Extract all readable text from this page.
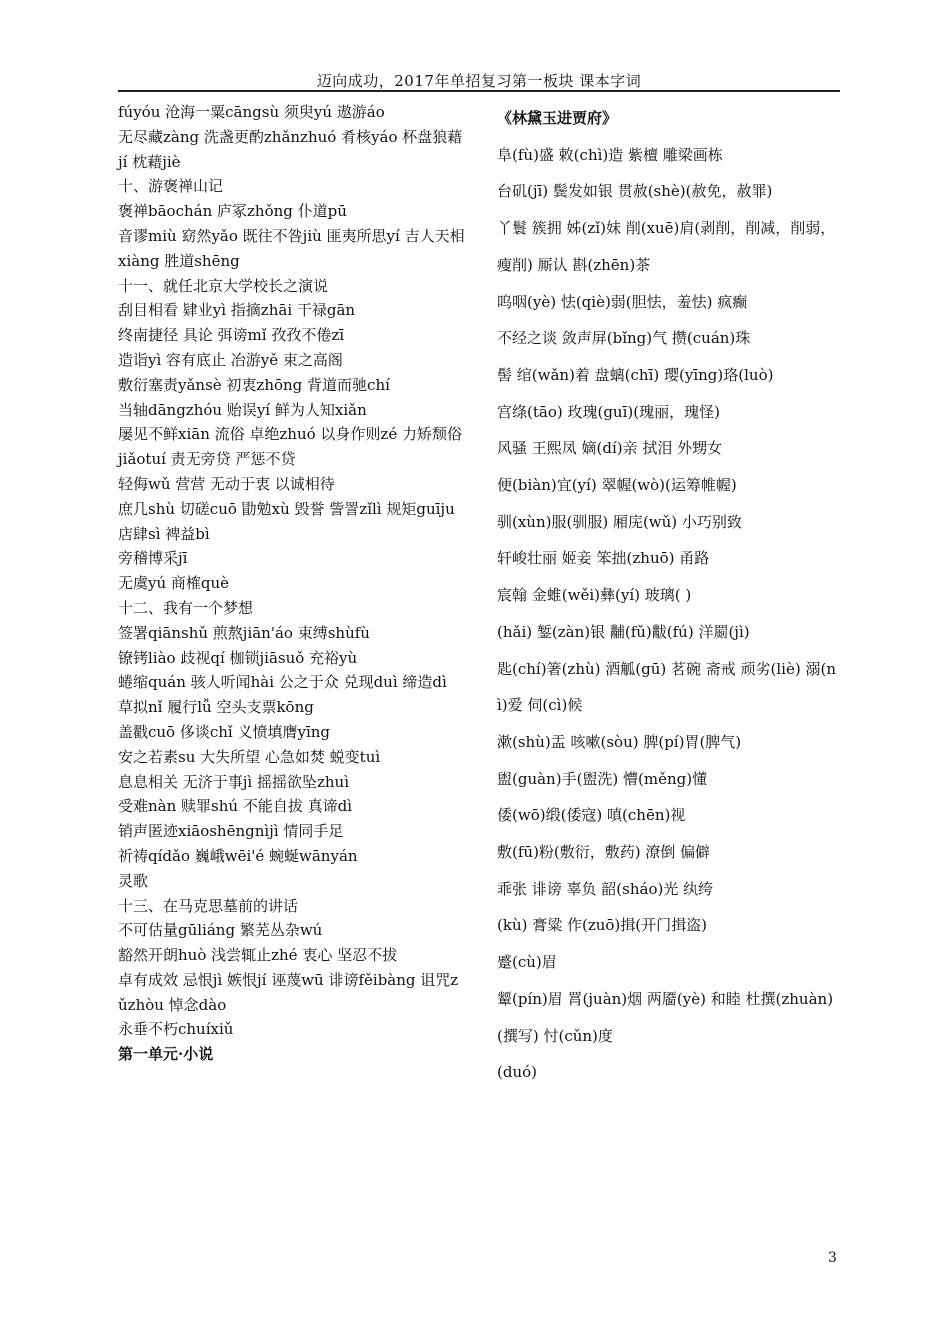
迈向成功，2017年单招复习第一板块 课本字词
fúyóu 沧海一粟cāngsù 须臾yú 遨游áo
无尽藏zàng 洗盏更酌zhǎnzhuó 肴核yáo 杯盘狼藉jí 枕藉jiè
十、游褒禅山记
褒禅bāochán 庐冢zhǒng 仆道pū
音谬miù 窈然yǎo 既往不咎jiù 匪夷所思yí 吉人天相xiàng 胜道shēng
十一、就任北京大学校长之演说
刮目相看 肄业yì 指摘zhāi 干禄gān
终南捷径 具论 弭谤mǐ 孜孜不倦zī
造诣yì 容有底止 冶游yě 束之高阁
敷衍塞责yǎnsè 初衷zhōng 背道而驰chí
当轴dāngzhóu 贻误yí 鲜为人知xiǎn
屡见不鲜xiān 流俗 卓绝zhuó 以身作则zé 力矫颓俗jiǎotuí 责无旁贷 严惩不贷
轻侮wǔ 营营 无动于衷 以诚相待
庶几shù 切磋cuō 勖勉xù 毁誉 訾詈zǐlì 规矩guīju 店肆sì 裨益bì
旁稽博采jī
无虞yú 商榷què
十二、我有一个梦想
签署qiānshǔ 煎熬jiān'áo 束缚shùfù
镣铐liào 歧视qí 枷锁jiāsuǒ 充裕yù
蜷缩quán 骇人听闻hài 公之于众 兑现duì 缔造dì 草拟nǐ 履行lǚ 空头支票kōng
盖戳cuō 侈谈chǐ 义愤填膺yīng
安之若素su 大失所望 心急如焚 蜕变tuì
息息相关 无济于事jì 摇摇欲坠zhuì
受难nàn 赎罪shú 不能自拔 真谛dì
销声匿迹xiāoshēngnìjì 情同手足
祈祷qídǎo 巍峨wēi'é 蜿蜒wānyán
灵歌
十三、在马克思墓前的讲话
不可估量gūliáng 繁芜丛杂wú
豁然开朗huò 浅尝辄止zhé 衷心 坚忍不拔
卓有成效 忌恨jì 嫉恨jí 诬蔑wū 诽谤fěibàng 诅咒zǔzhòu 悼念dào
永垂不朽chuíxiǔ
第一单元·小说
《林黛玉进贾府》
阜(fù)盛 敕(chì)造 紫檀 雕梁画栋
台矶(jī) 鬓发如银 贯赦(shè)(赦免，赦罪)
丫鬟 簇拥 姊(zǐ)妹 削(xuē)肩(剥削，削减，削弱，瘦削) 厮认 斟(zhēn)茶
呜咽(yè) 怯(qiè)弱(胆怯，羞怯) 疯癫
不经之谈 敛声屏(bǐng)气 攒(cuán)珠
髻 绾(wǎn)着 盘螭(chī) 璎(yīng)珞(luò)
宫绦(tāo) 玫瑰(guī)(瑰丽，瑰怪)
风骚 王熙凤 嫡(dí)亲 拭泪 外甥女
便(biàn)宜(yí) 翠幄(wò)(运筹帷幄)
驯(xùn)服(驯服) 厢庑(wǔ) 小巧别致
轩峻壮丽 姬妾 笨拙(zhuō) 甬路
宸翰 金蜼(wěi)彝(yí) 玻璃( )
(hǎi) 錾(zàn)银 黼(fǔ)黻(fú) 洋罽(jì)
匙(chí)箸(zhù) 酒觚(gū) 茗碗 斋戒 顽劣(liè) 溺(nì)爱 伺(cì)候
漱(shù)盂 咳嗽(sòu) 脾(pí)胃(脾气)
盥(guàn)手(盥洗) 懵(měng)懂
倭(wō)缎(倭寇) 嗔(chēn)视
敷(fū)粉(敷衍，敷药) 潦倒 偏僻
乖张 诽谤 辜负 韶(sháo)光 纨绔
(kù) 膏粱 作(zuō)揖(开门揖盗)
蹙(cù)眉
颦(pín)眉 罥(juàn)烟 两靥(yè) 和睦 杜撰(zhuàn)(撰写) 忖(cǔn)度
(duó)
3
